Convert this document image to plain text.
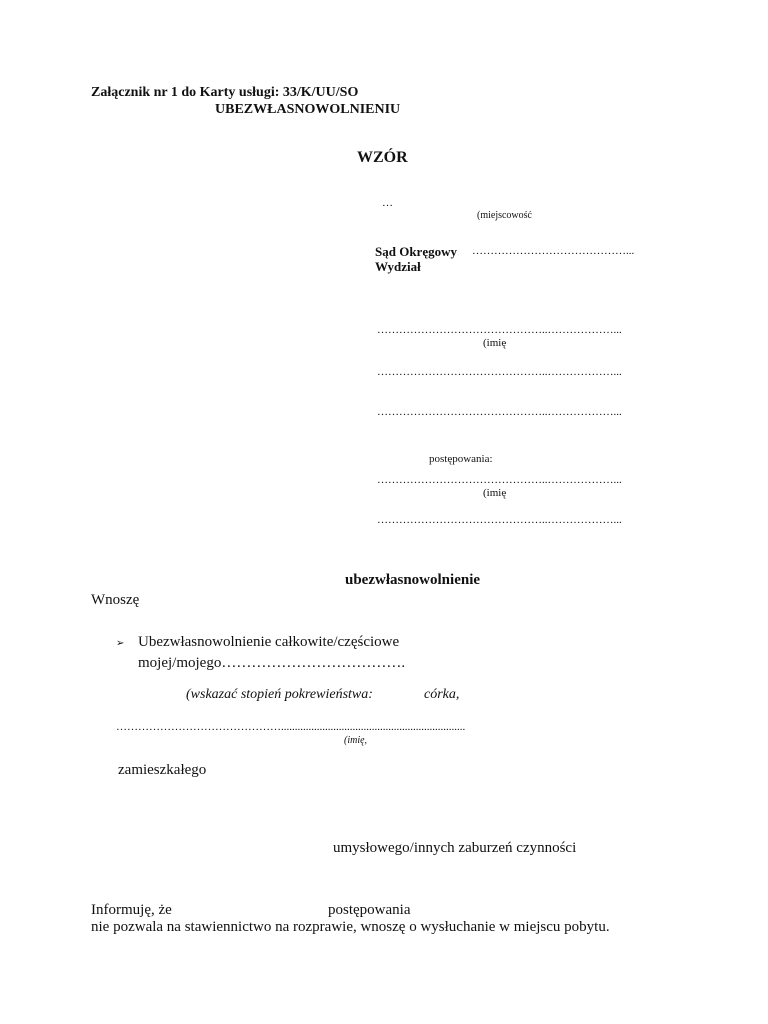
Załącznik nr 1 do Karty usługi: 33/K/UU/SO
UBEZWŁASNOWOLNIENIU
WZÓR
…
(miejscowość
Sąd Okręgowy ……………………………………...
Wydział
………………………………………..………………...
(imię
………………………………………..………………...
………………………………………..………………...
postępowania:
………………………………………..………………...
(imię
………………………………………..………………...
ubezwłasnowolnienie
Wnoszę
➢ Ubezwłasnowolnienie całkowite/częściowe
mojej/mojego……………………………….
(wskazać stopień pokrewieństwa:	córka,
………………………………………...................................................................
(imię,
zamieszkałego
umysłowego/innych zaburzeń czynności
Informuję, że	postępowania
nie pozwala na stawiennictwo na rozprawie, wnoszę o wysłuchanie w miejscu pobytu.
